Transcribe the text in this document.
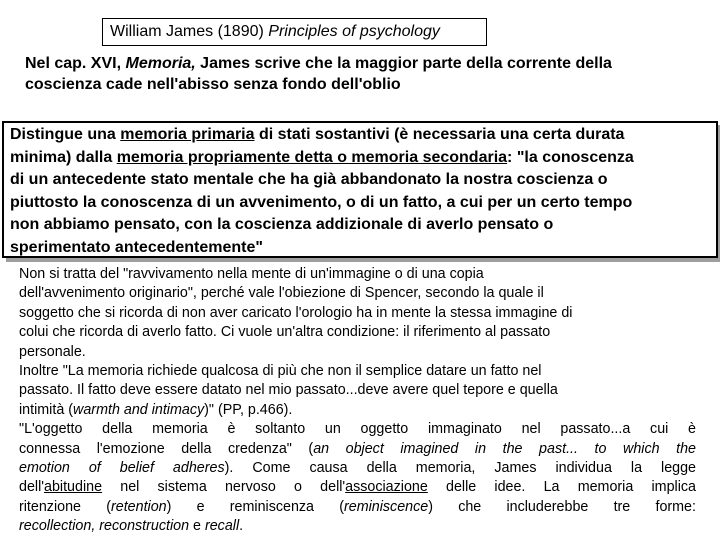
William James (1890) Principles of psychology

Nel cap. XVI, Memoria, James scrive che la maggior parte della corrente della

coscienza cade nell'abisso senza fondo dell'oblio

Distingue una memoria primaria di stati sostantivi (è necessaria una certa durata

minima) dalla memoria propriamente detta o memoria secondaria: "la conoscenza

di un antecedente stato mentale che ha già abbandonato la nostra coscienza o

piuttosto la conoscenza di un avvenimento, o di un fatto, a cui per un certo tempo

non abbiamo pensato, con la coscienza addizionale di averlo pensato o

sperimentato antecedentemente"

Non si tratta del "ravvivamento nella mente di un'immagine o di una copia

dell'avvenimento originario", perché vale l'obiezione di Spencer, secondo la quale il

soggetto che si ricorda di non aver caricato l'orologio ha in mente la stessa immagine di

colui che ricorda di averlo fatto. Ci vuole un'altra condizione: il riferimento al passato

personale.

Inoltre "La memoria richiede qualcosa di più che non il semplice datare un fatto nel

passato. Il fatto deve essere datato nel mio passato...deve avere quel tepore e quella

intimità (warmth and intimacy)" (PP, p.466).

"L'oggetto della memoria è soltanto un oggetto immaginato nel passato...a cui è

connessa l'emozione della credenza" (an object imagined in the past... to which the

emotion of belief adheres). Come causa della memoria, James individua la legge

dell'abitudine nel sistema nervoso o dell'associazione delle idee. La memoria implica

ritenzione (retention) e reminiscenza (reminiscence) che includerebbe tre forme:

recollection, reconstruction e recall.
